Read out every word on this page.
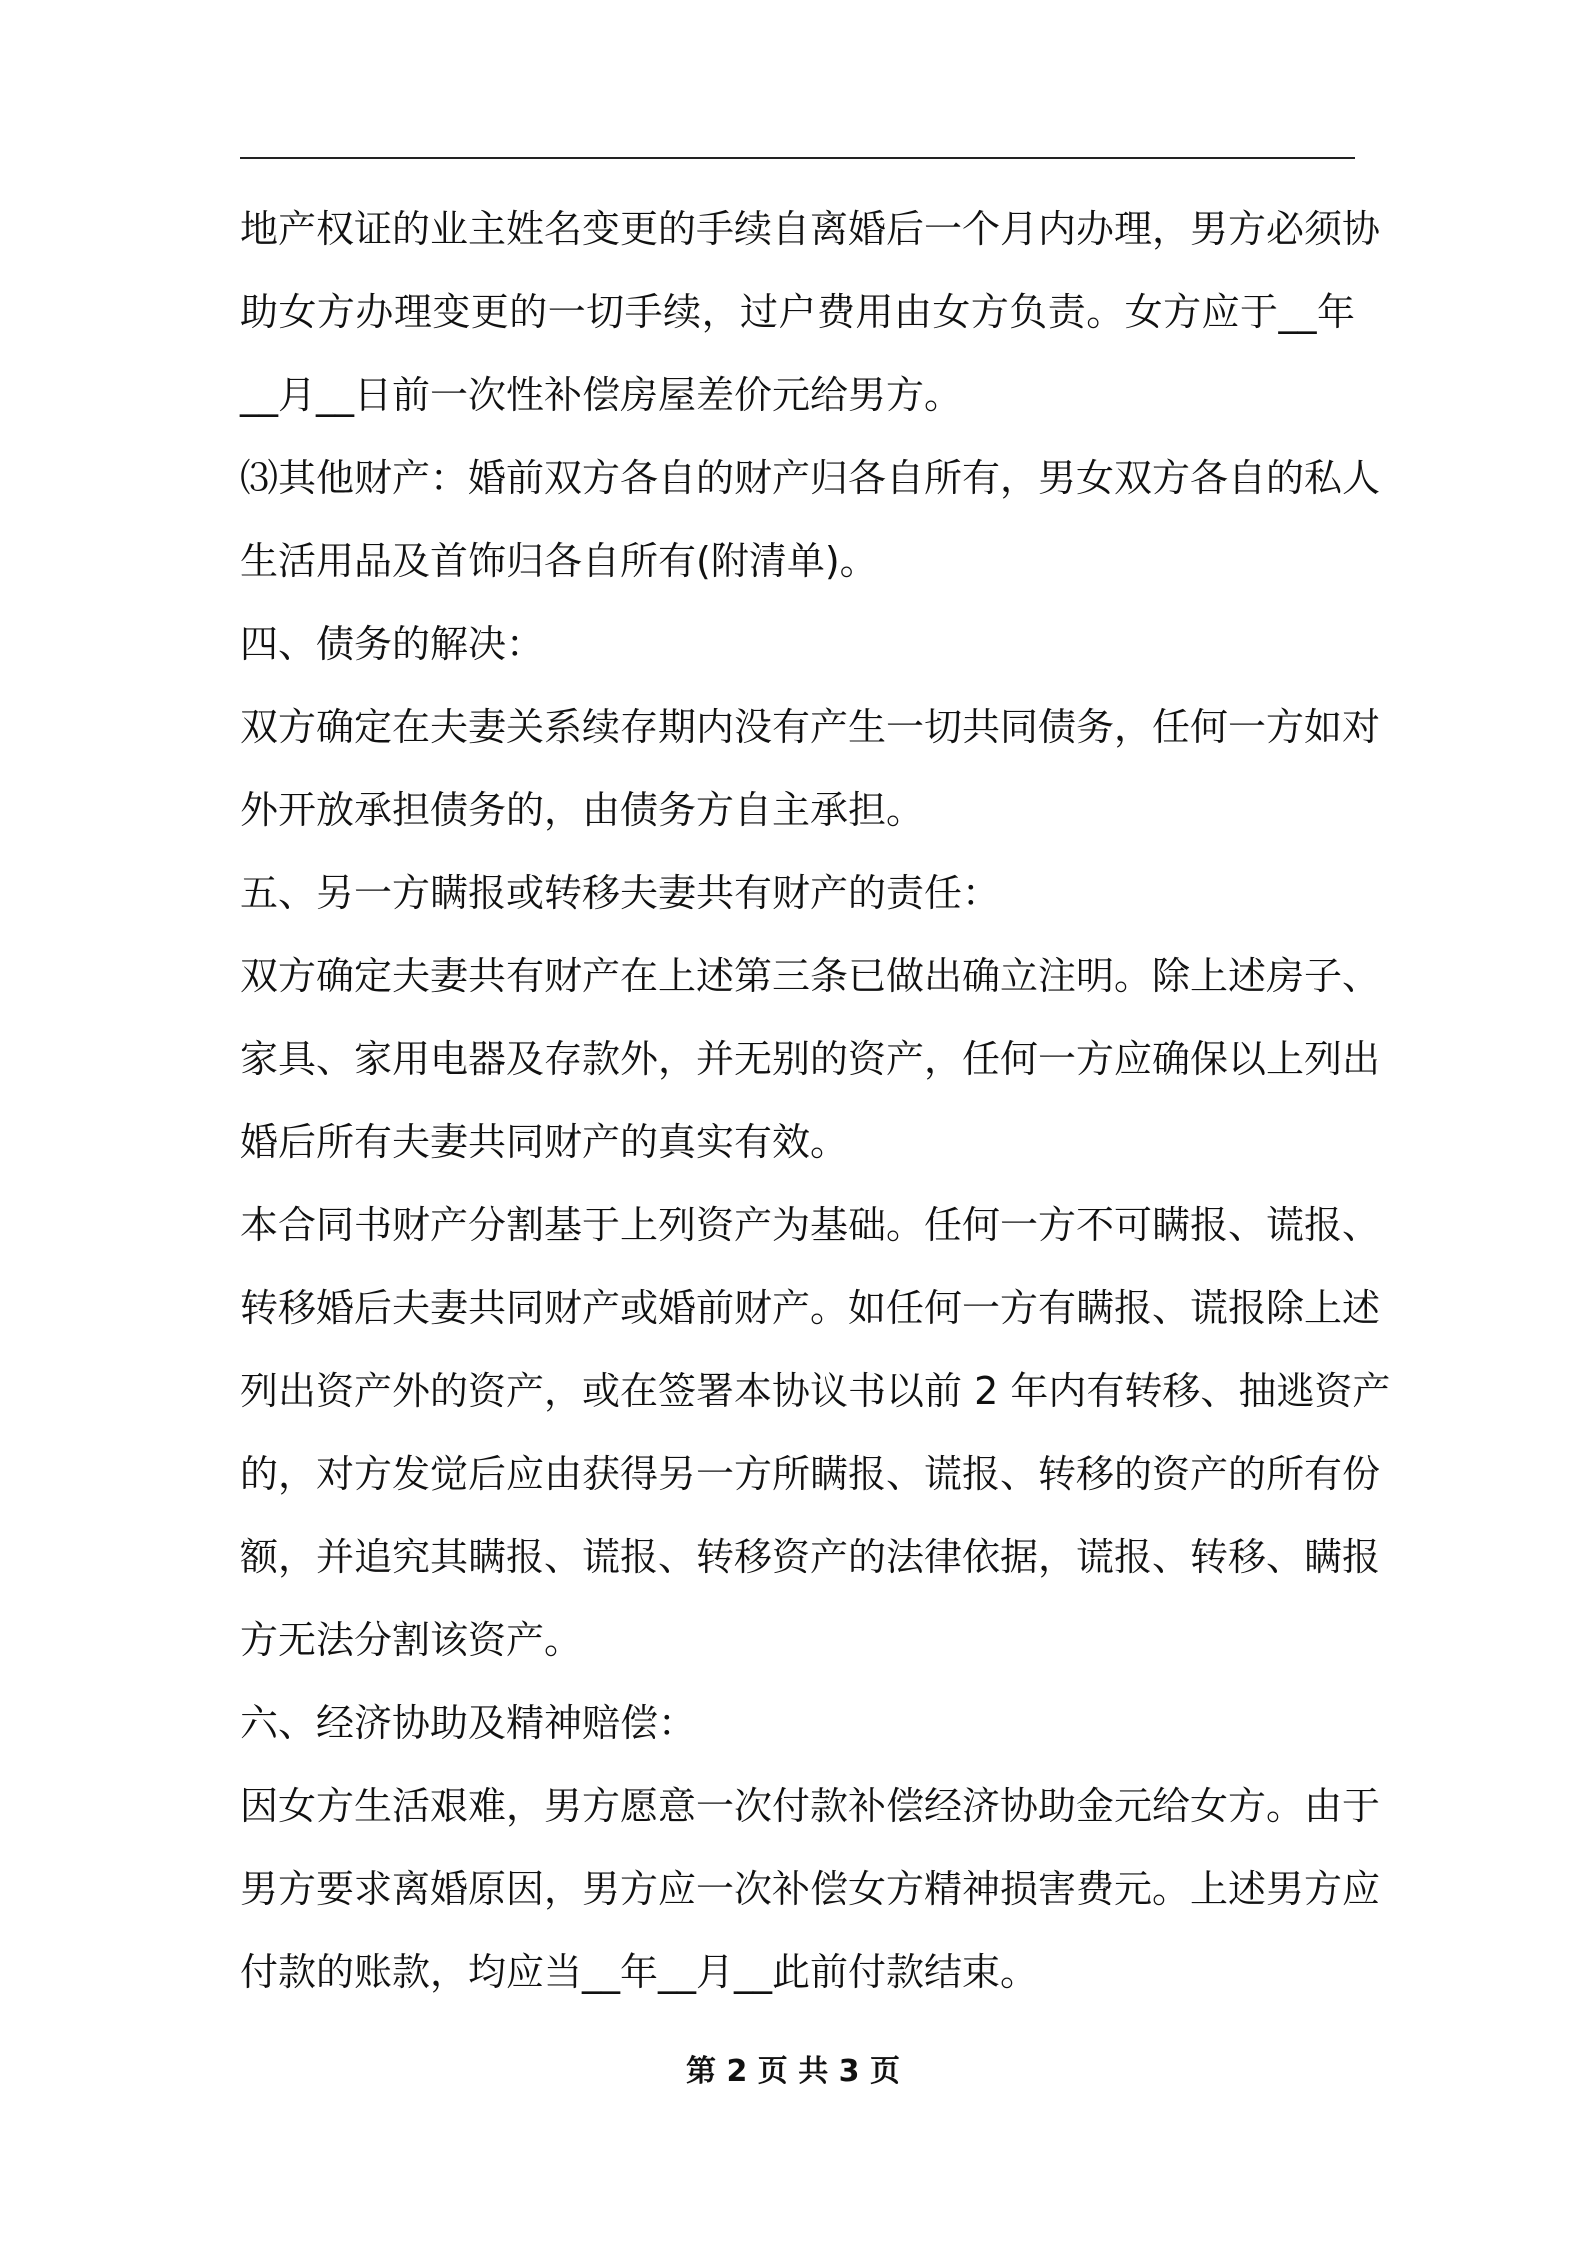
地产权证的业主姓名变更的手续自离婚后一个月内办理，男方必须协
助女方办理变更的一切手续，过户费用由女方负责。女方应于__年
__月__日前一次性补偿房屋差价元给男方。
⑶其他财产：婚前双方各自的财产归各自所有，男女双方各自的私人
生活用品及首饰归各自所有(附清单)。
四、债务的解决：
双方确定在夫妻关系续存期内没有产生一切共同债务，任何一方如对
外开放承担债务的，由债务方自主承担。
五、另一方瞒报或转移夫妻共有财产的责任：
双方确定夫妻共有财产在上述第三条已做出确立注明。除上述房子、
家具、家用电器及存款外，并无别的资产，任何一方应确保以上列出
婚后所有夫妻共同财产的真实有效。
本合同书财产分割基于上列资产为基础。任何一方不可瞒报、谎报、
转移婚后夫妻共同财产或婚前财产。如任何一方有瞒报、谎报除上述
列出资产外的资产，或在签署本协议书以前 2 年内有转移、抽逃资产
的，对方发觉后应由获得另一方所瞒报、谎报、转移的资产的所有份
额，并追究其瞒报、谎报、转移资产的法律依据，谎报、转移、瞒报
方无法分割该资产。
六、经济协助及精神赔偿：
因女方生活艰难，男方愿意一次付款补偿经济协助金元给女方。由于
男方要求离婚原因，男方应一次补偿女方精神损害费元。上述男方应
付款的账款，均应当__年__月__此前付款结束。
第 2 页 共 3 页
